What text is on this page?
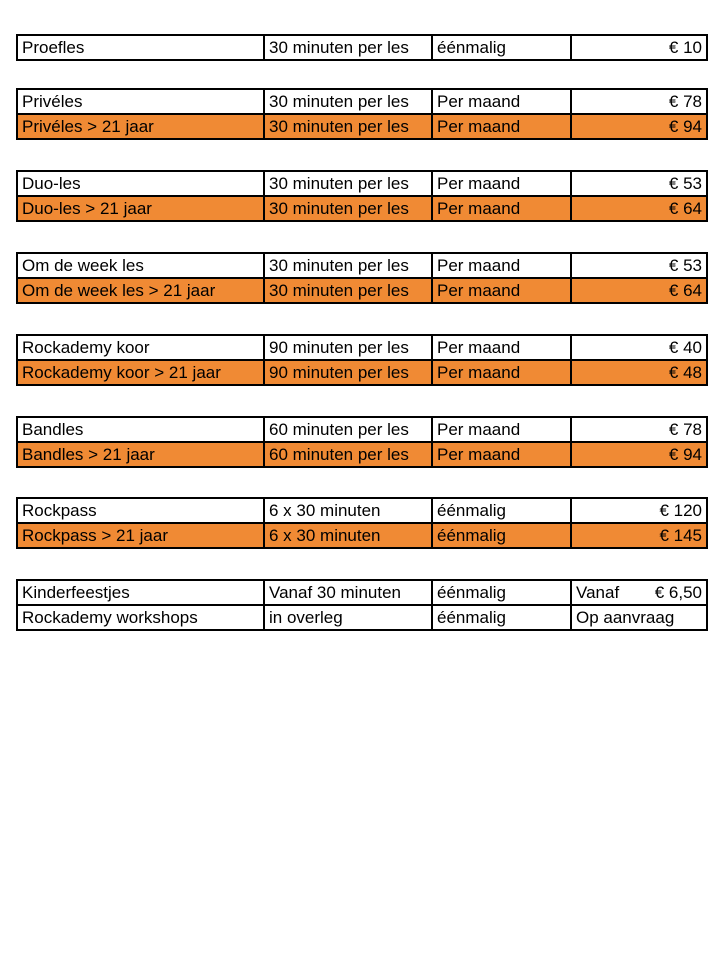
Proefles	30 minuten per les	éénmalig	€ 10
Privéles	30 minuten per les	Per maand	€ 78
Privéles > 21 jaar	30 minuten per les	Per maand	€ 94
Duo-les	30 minuten per les	Per maand	€ 53
Duo-les > 21 jaar	30 minuten per les	Per maand	€ 64
Om de week les	30 minuten per les	Per maand	€ 53
Om de week les > 21 jaar	30 minuten per les	Per maand	€ 64
Rockademy koor	90 minuten per les	Per maand	€ 40
Rockademy koor > 21 jaar	90 minuten per les	Per maand	€ 48
Bandles	60 minuten per les	Per maand	€ 78
Bandles > 21 jaar	60 minuten per les	Per maand	€ 94
Rockpass	6 x 30 minuten	éénmalig	€ 120
Rockpass > 21 jaar	6 x 30 minuten	éénmalig	€ 145
Kinderfeestjes	Vanaf 30 minuten	éénmalig	Vanaf € 6,50

Rockademy workshops	in overleg	éénmalig	Op aanvraag
